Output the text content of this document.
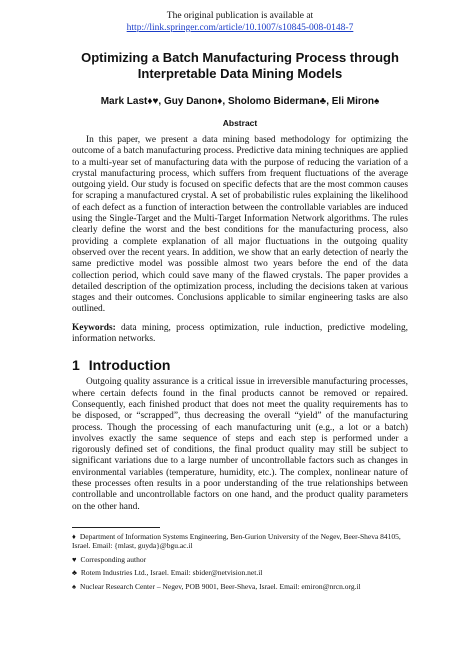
The original publication is available at
http://link.springer.com/article/10.1007/s10845-008-0148-7
Optimizing a Batch Manufacturing Process through Interpretable Data Mining Models
Mark Last♦♥, Guy Danon♦, Sholomo Biderman♣, Eli Miron♠
Abstract

In this paper, we present a data mining based methodology for optimizing the outcome of a batch manufacturing process. Predictive data mining techniques are applied to a multi-year set of manufacturing data with the purpose of reducing the variation of a crystal manufacturing process, which suffers from frequent fluctuations of the average outgoing yield. Our study is focused on specific defects that are the most common causes for scraping a manufactured crystal. A set of probabilistic rules explaining the likelihood of each defect as a function of interaction between the controllable variables are induced using the Single-Target and the Multi-Target Information Network algorithms. The rules clearly define the worst and the best conditions for the manufacturing process, also providing a complete explanation of all major fluctuations in the outgoing quality observed over the recent years. In addition, we show that an early detection of nearly the same predictive model was possible almost two years before the end of the data collection period, which could save many of the flawed crystals. The paper provides a detailed description of the optimization process, including the decisions taken at various stages and their outcomes. Conclusions applicable to similar engineering tasks are also outlined.

Keywords: data mining, process optimization, rule induction, predictive modeling, information networks.

1 Introduction

Outgoing quality assurance is a critical issue in irreversible manufacturing processes, where certain defects found in the final products cannot be removed or repaired. Consequently, each finished product that does not meet the quality requirements has to be disposed, or “scrapped”, thus decreasing the overall “yield” of the manufacturing process. Though the processing of each manufacturing unit (e.g., a lot or a batch) involves exactly the same sequence of steps and each step is performed under a rigorously defined set of conditions, the final product quality may still be subject to significant variations due to a large number of uncontrollable factors such as changes in environmental variables (temperature, humidity, etc.). The complex, nonlinear nature of these processes often results in a poor understanding of the true relationships between controllable and uncontrollable factors on one hand, and the product quality parameters on the other hand.

♦ Department of Information Systems Engineering, Ben-Gurion University of the Negev, Beer-Sheva 84105, Israel. Email: {mlast, guyda}@bgu.ac.il
♥ Corresponding author
♣ Rotem Industries Ltd., Israel. Email: sbider@netvision.net.il
♠ Nuclear Research Center – Negev, POB 9001, Beer-Sheva, Israel. Email: emiron@nrcn.org.il
